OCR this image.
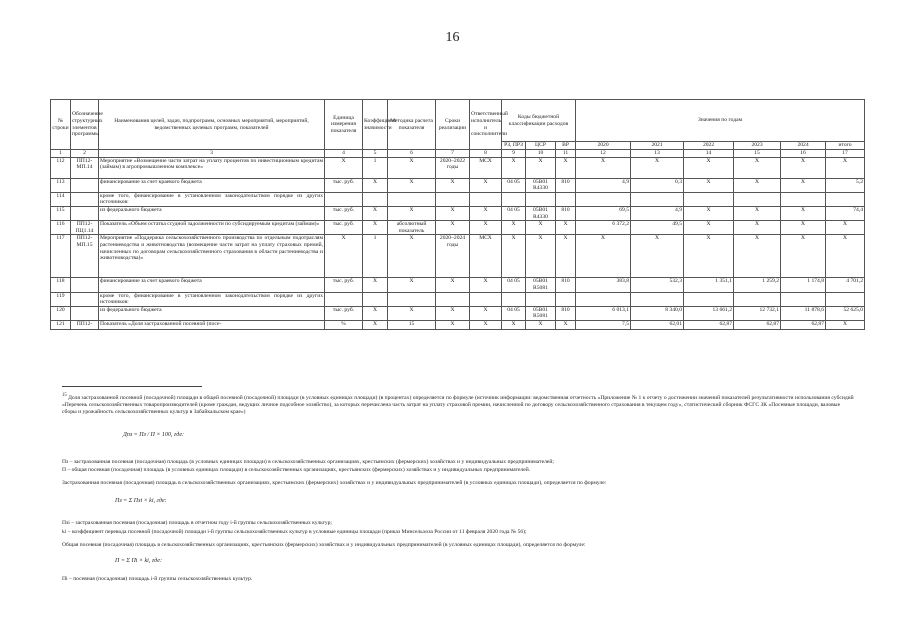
16
№ строки	Обозначение структурных элементов программы	Наименования целей, задач, подпрограмм, основных мероприятий, мероприятий, ведомственных целевых программ, показателей	Единица измерения показателя	Коэффициент значимости	Методика расчета показателя	Сроки реализации	Ответственный исполнитель и соисполнители	Коды бюджетной классификации расходов			Значения по годам					
								РЗ, ПРЗ	ЦСР	ВР	2020	2021	2022	2023	2024	итого
1	2	3	4	5	6	7	8	9	10	11	12	13	14	15	16	17
112	ПП12-МП.14	Мероприятие «Возмещение части затрат на уплату процентов по инвестиционным кредитам (займам) в агропромышленном комплексе»	Х	1	Х	2020–2022 годы	МСХ	Х	Х	Х	Х	Х	Х	Х	Х	Х
113		финансирование за счет краевого бюджета	тыс. руб.	Х	Х	Х	Х	04 05	05В01 R4330	810	4,9	0,3	Х	Х	Х	5,2
114		кроме того, финансирование в установленном законодательством порядке из других источников:														
115		из федерального бюджета	тыс. руб.	Х	Х	Х	Х	04 05	05В01 R4330	810	69,5	4,9	Х	Х	Х	74,4
116	ПП12-ПЦ1.14	Показатель «Объем остатка ссудной задолженности по субсидируемым кредитам (займам)»	тыс. руб.	Х	абсолютный показатель	Х	Х	Х	Х	Х	6 372,2	49,5	Х	Х	Х	Х
117	ПП12-МП.15	Мероприятие «Поддержка сельскохозяйственного производства по отдельным подотраслям растениеводства и животноводства (возмещение части затрат на уплату страховых премий, начисленных по договорам сельскохозяйственного страхования в области растениеводства и животноводства)»	Х	1	Х	2020–2024 годы	МСХ	Х	Х	Х	Х	Х	Х	Х	Х	Х
118		финансирование за счет краевого бюджета	тыс. руб.	Х	Х	Х	Х	04 05	05В01 R5081	810	383,8	532,3	1 351,1	1 259,2	1 174,8	4 701,2
119		кроме того, финансирование в установленном законодательством порядке из других источников:														
120		из федерального бюджета	тыс. руб.	Х	Х	Х	Х	04 05	05В01 R5081	810	6 013,1	8 340,0	13 661,2	12 732,1	11 878,6	52 625,0
121	ПП12-	Показатель «Доля застрахованной посевной (посе-	%	Х	15	Х	Х	Х	Х	Х	7,5	62,01	62,87	62,87	62,87	Х
$^{15}$ Доля застрахованной посевной (посадочной) площади в общей посевной (посадочной) площади (в условных единицах площади) (в процентах) определяется по формуле (источник информации: ведомственная отчетность «Приложение № 1 к отчету о достижении значений показателей результативности использования субсидий «Перечень сельскохозяйственных товаропроизводителей (кроме граждан, ведущих личное подсобное хозяйство), за которых перечислена часть затрат на уплату страховой премии, начисленной по договору сельскохозяйственного страхования в текущем году», статистический сборник ФСГС ЗК «Посевные площади, валовые сборы и урожайность сельскохозяйственных культур в Забайкальском крае»)
Дпз = Пз / П × 100, где:
Пз – застрахованная посевная (посадочная) площадь (в условных единицах площади) в сельскохозяйственных организациях, крестьянских (фермерских) хозяйствах и у индивидуальных предпринимателей;
П – общая посевная (посадочная) площадь (в условных единицах площади) в сельскохозяйственных организациях, крестьянских (фермерских) хозяйствах и у индивидуальных предпринимателей.
Застрахованная посевная (посадочная) площадь в сельскохозяйственных организациях, крестьянских (фермерских) хозяйствах и у индивидуальных предпринимателей (в условных единицах площади), определяется по формуле:
Пз = Σ Пзi × ki, где:
Пзi – застрахованная посевная (посадочная) площадь в отчетном году i-й группы сельскохозяйственных культур;
ki – коэффициент перевода посевной (посадочной) площади i-й группы сельскохозяйственных культур в условные единицы площади (приказ Минсельхоза России от 11 февраля 2020 года № 56);
Общая посевная (посадочная) площадь в сельскохозяйственных организациях, крестьянских (фермерских) хозяйствах и у индивидуальных предпринимателей (в условных единицах площади), определяется по формуле:
П = Σ Пi × ki, где:
Пi – посевная (посадочная) площадь i-й группы сельскохозяйственных культур.
